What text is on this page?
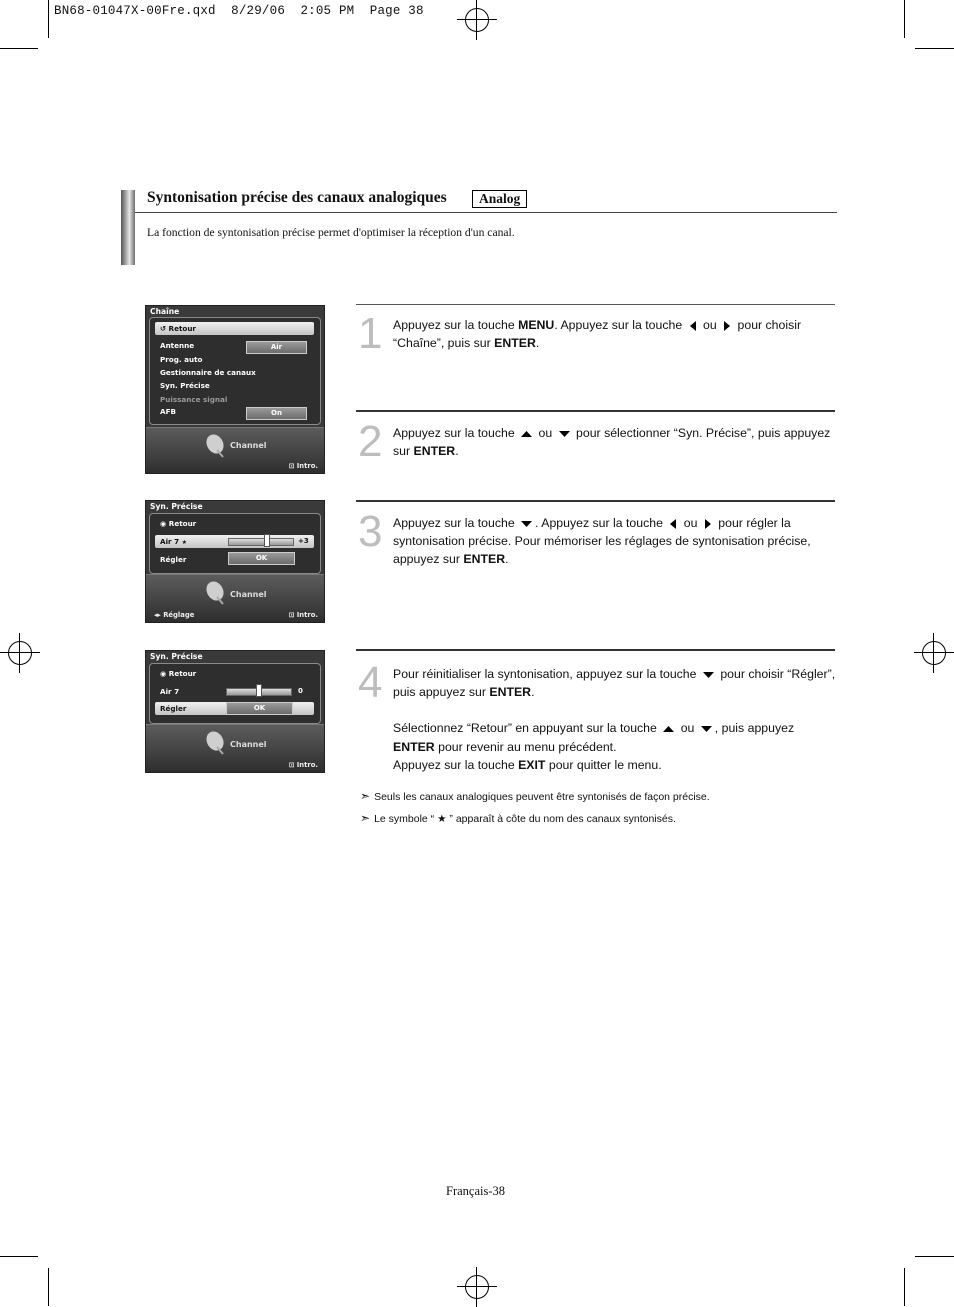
BN68-01047X-00Fre.qxd  8/29/06  2:05 PM  Page 38
Syntonisation précise des canaux analogiques	Analog
La fonction de syntonisation précise permet d'optimiser la réception d'un canal.
Chaîne
↺ Retour
Antenne	Air
Prog. auto
Gestionnaire de canaux
Syn. Précise
Puissance signal
AFB	On
Channel
⊡ Intro.
Syn. Précise
◉ Retour
Air 7 ★	+3
Régler	OK
Channel
◂▸ Réglage	⊡ Intro.
Syn. Précise
◉ Retour
Air 7	0
Régler	OK
Channel
⊡ Intro.
1 Appuyez sur la touche MENU. Appuyez sur la touche  ou  pour choisir “Chaîne”, puis sur ENTER.
2 Appuyez sur la touche  ou  pour sélectionner “Syn. Précise”, puis appuyez sur ENTER.
3 Appuyez sur la touche . Appuyez sur la touche  ou  pour régler la syntonisation précise. Pour mémoriser les réglages de syntonisation précise, appuyez sur ENTER.
4 Pour réinitialiser la syntonisation, appuyez sur la touche  pour choisir “Régler”, puis appuyez sur ENTER.

Sélectionnez “Retour” en appuyant sur la touche  ou , puis appuyez
ENTER pour revenir au menu précédent.

Appuyez sur la touche EXIT pour quitter le menu.

➣ Seuls les canaux analogiques peuvent être syntonisés de façon précise.
➣ Le symbole “ ★ ” apparaît à côte du nom des canaux syntonisés.
Français-38
